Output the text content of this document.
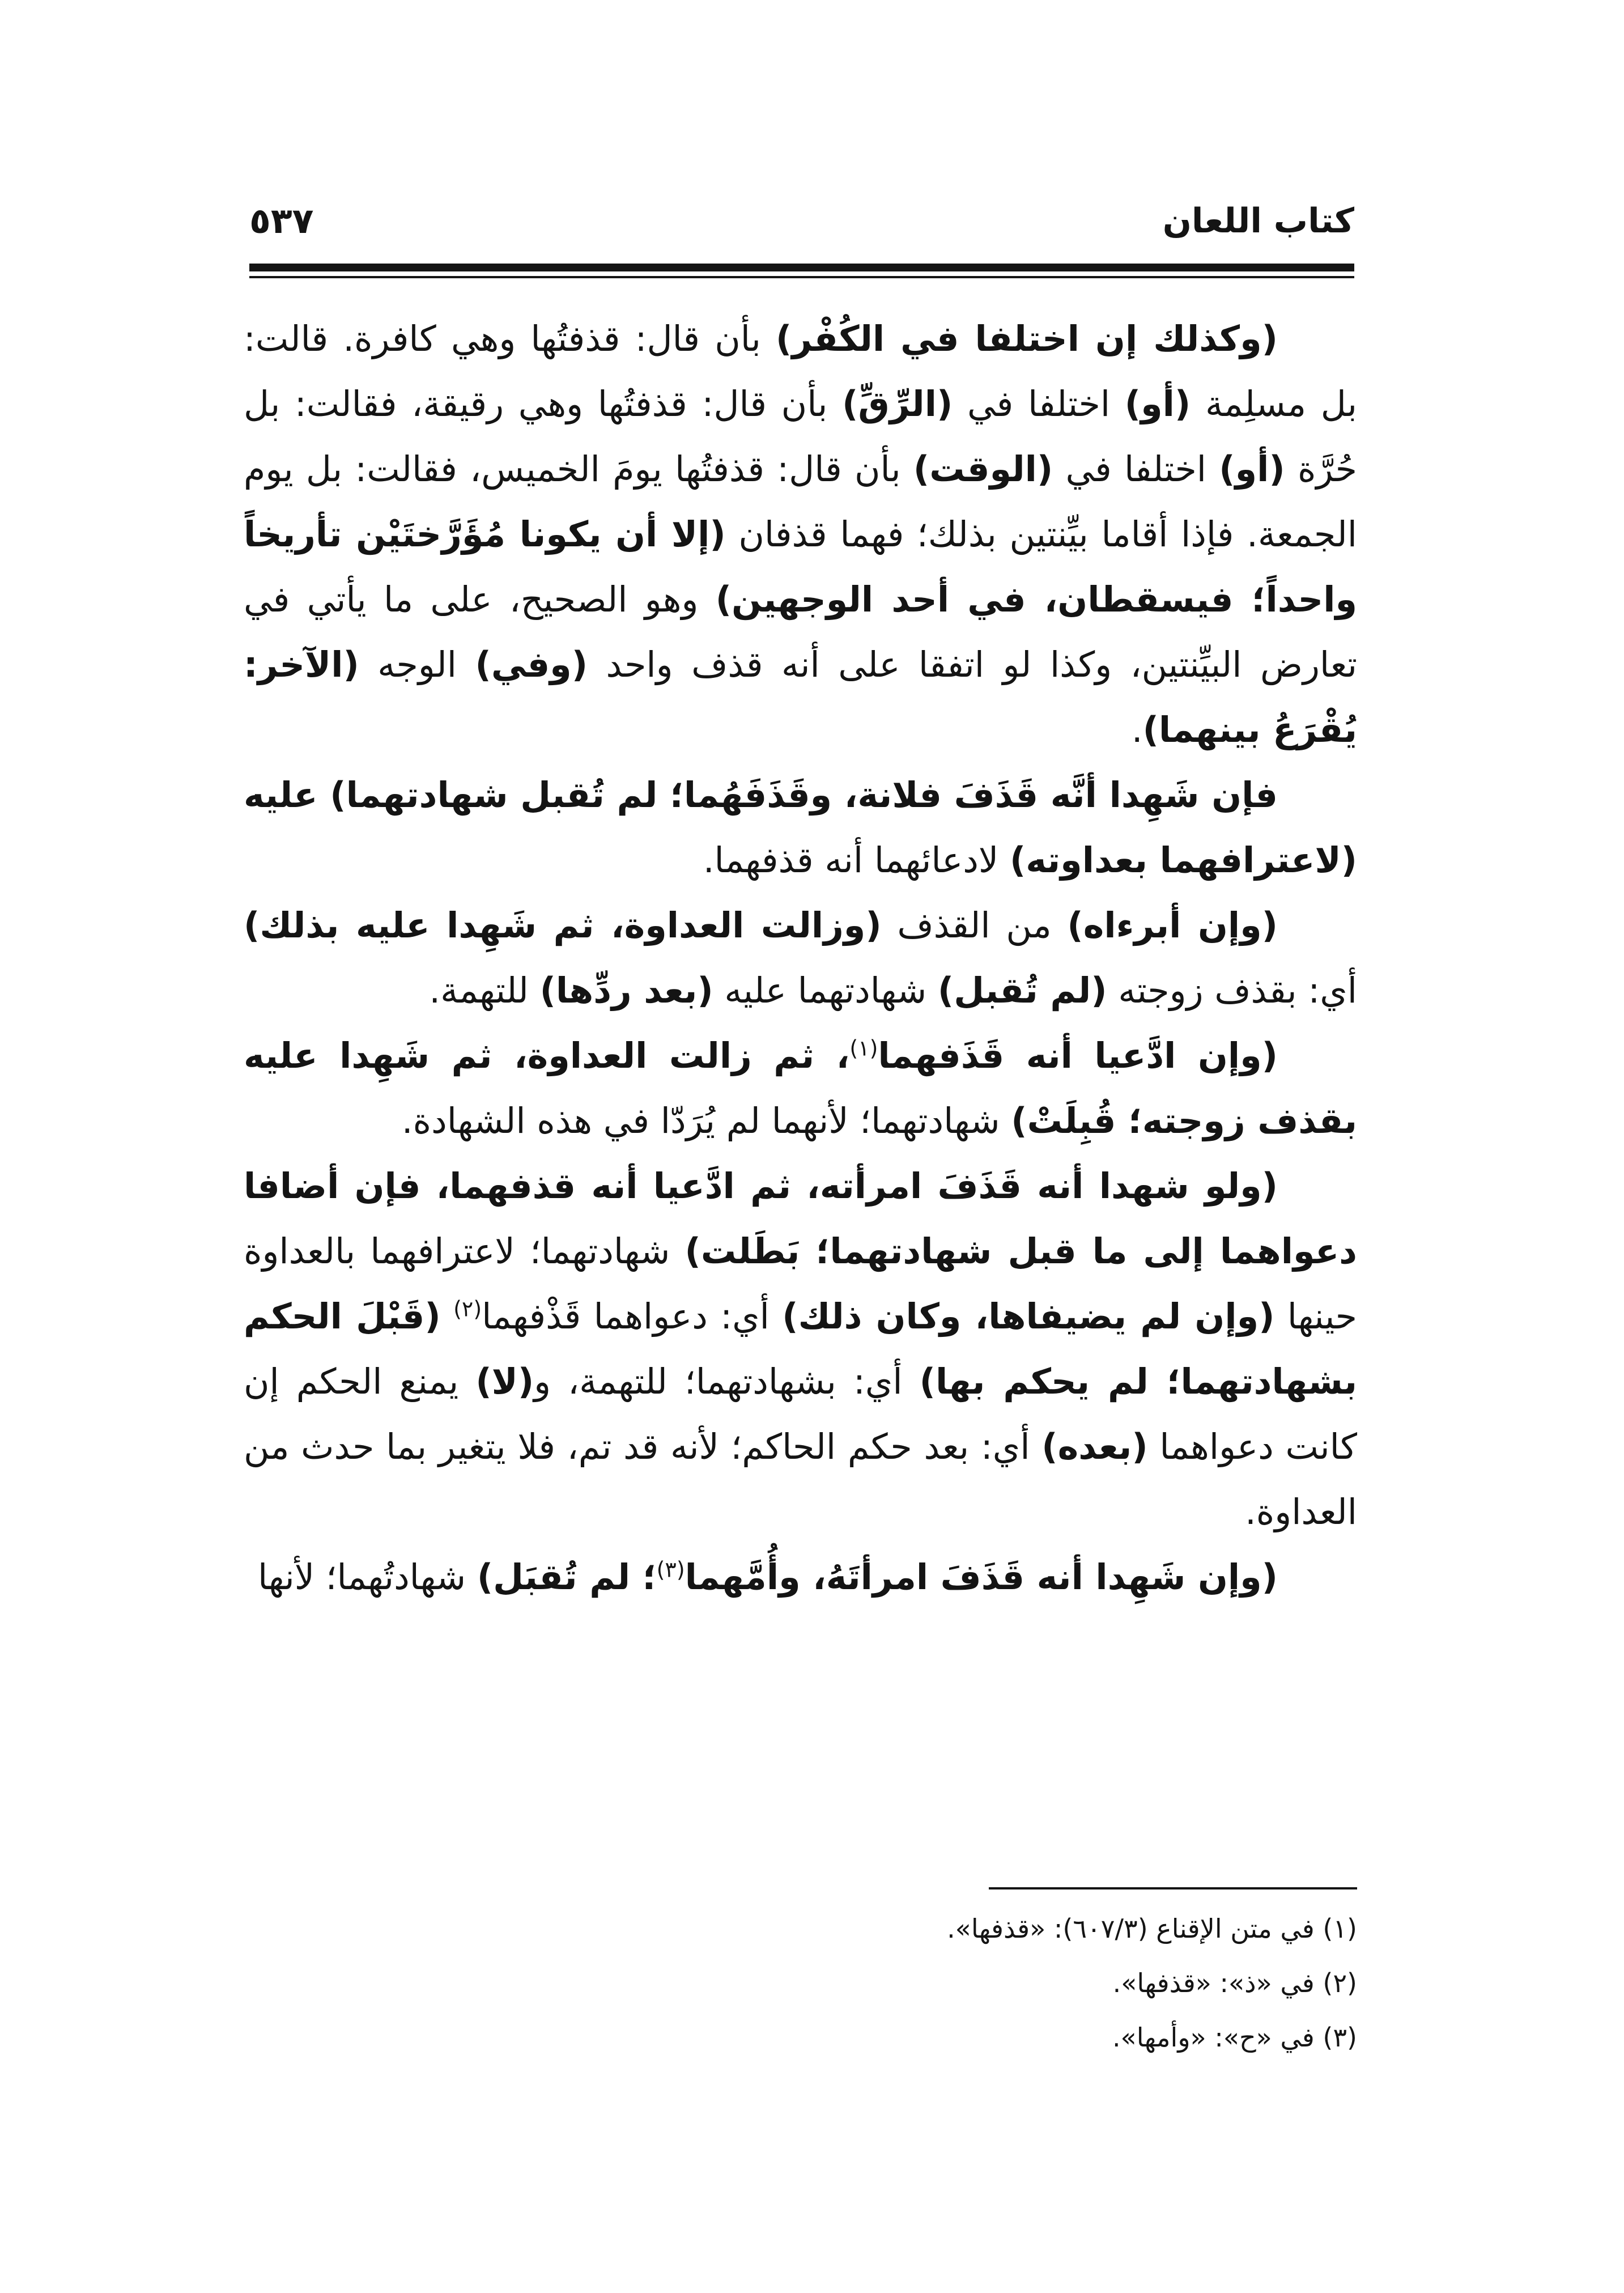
كتاب اللعان
٥٣٧

(وكذلك إن اختلفا في الكُفْر) بأن قال: قذفتُها وهي كافرة. قالت: بل مسلِمة (أو) اختلفا في (الرِّقِّ) بأن قال: قذفتُها وهي رقيقة، فقالت: بل حُرَّة (أو) اختلفا في (الوقت) بأن قال: قذفتُها يومَ الخميس، فقالت: بل يوم الجمعة. فإذا أقاما بيِّنتين بذلك؛ فهما قذفان (إلا أن يكونا مُؤَرَّختَيْن تأريخاً واحداً؛ فيسقطان، في أحد الوجهين) وهو الصحيح، على ما يأتي في تعارض البيِّنتين، وكذا لو اتفقا على أنه قذف واحد (وفي) الوجه (الآخر: يُقْرَعُ بينهما).

فإن شَهِدا أنَّه قَذَفَ فلانة، وقَذَفَهُما؛ لم تُقبل شهادتهما) عليه (لاعترافهما بعداوته) لادعائهما أنه قذفهما.

(وإن أبرءاه) من القذف (وزالت العداوة، ثم شَهِدا عليه بذلك) أي: بقذف زوجته (لم تُقبل) شهادتهما عليه (بعد ردِّها) للتهمة.

(وإن ادَّعيا أنه قَذَفهما$^{(١)}$، ثم زالت العداوة، ثم شَهِدا عليه بقذف زوجته؛ قُبِلَتْ) شهادتهما؛ لأنهما لم يُرَدّا في هذه الشهادة.

(ولو شهدا أنه قَذَفَ امرأته، ثم ادَّعيا أنه قذفهما، فإن أضافا دعواهما إلى ما قبل شهادتهما؛ بَطَلت) شهادتهما؛ لاعترافهما بالعداوة حينها (وإن لم يضيفاها، وكان ذلك) أي: دعواهما قَذْفهما$^{(٢)}$ (قَبْلَ الحكم بشهادتهما؛ لم يحكم بها) أي: بشهادتهما؛ للتهمة، و(لا) يمنع الحكم إن كانت دعواهما (بعده) أي: بعد حكم الحاكم؛ لأنه قد تم، فلا يتغير بما حدث من العداوة.

(وإن شَهِدا أنه قَذَفَ امرأتَهُ، وأُمَّهما$^{(٣)}$؛ لم تُقبَل) شهادتُهما؛ لأنها

(١) في متن الإقناع (٦٠٧/٣): «قذفها».
(٢) في «ذ»: «قذفها».
(٣) في «ح»: «وأمها».
